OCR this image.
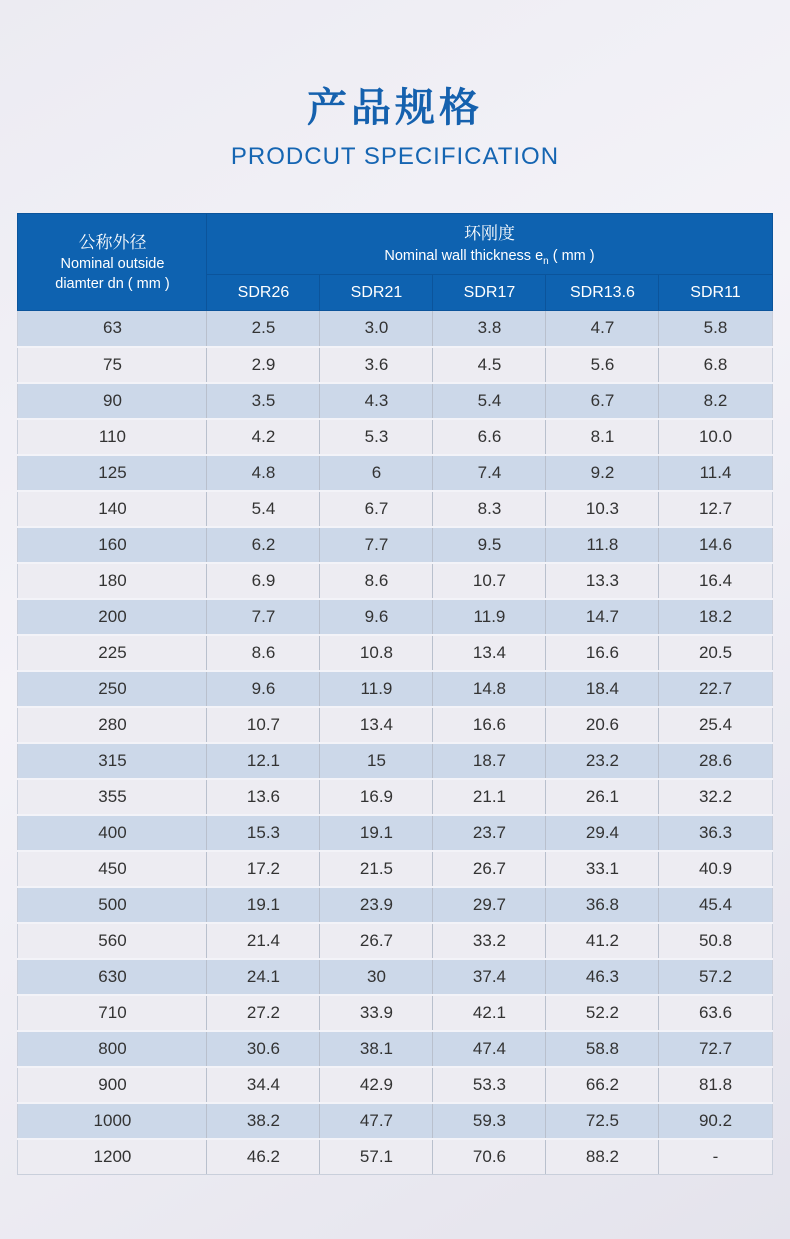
产品规格
PRODCUT SPECIFICATION
公称外径
Nominal outside
diamter dn ( mm )

环刚度
Nominal wall thickness $e_n$ ( mm )

	SDR26	SDR21	SDR17	SDR13.6	SDR11
63	2.5	3.0	3.8	4.7	5.8
75	2.9	3.6	4.5	5.6	6.8
90	3.5	4.3	5.4	6.7	8.2
110	4.2	5.3	6.6	8.1	10.0
125	4.8	6	7.4	9.2	11.4
140	5.4	6.7	8.3	10.3	12.7
160	6.2	7.7	9.5	11.8	14.6
180	6.9	8.6	10.7	13.3	16.4
200	7.7	9.6	11.9	14.7	18.2
225	8.6	10.8	13.4	16.6	20.5
250	9.6	11.9	14.8	18.4	22.7
280	10.7	13.4	16.6	20.6	25.4
315	12.1	15	18.7	23.2	28.6
355	13.6	16.9	21.1	26.1	32.2
400	15.3	19.1	23.7	29.4	36.3
450	17.2	21.5	26.7	33.1	40.9
500	19.1	23.9	29.7	36.8	45.4
560	21.4	26.7	33.2	41.2	50.8
630	24.1	30	37.4	46.3	57.2
710	27.2	33.9	42.1	52.2	63.6
800	30.6	38.1	47.4	58.8	72.7
900	34.4	42.9	53.3	66.2	81.8
1000	38.2	47.7	59.3	72.5	90.2
1200	46.2	57.1	70.6	88.2	-
